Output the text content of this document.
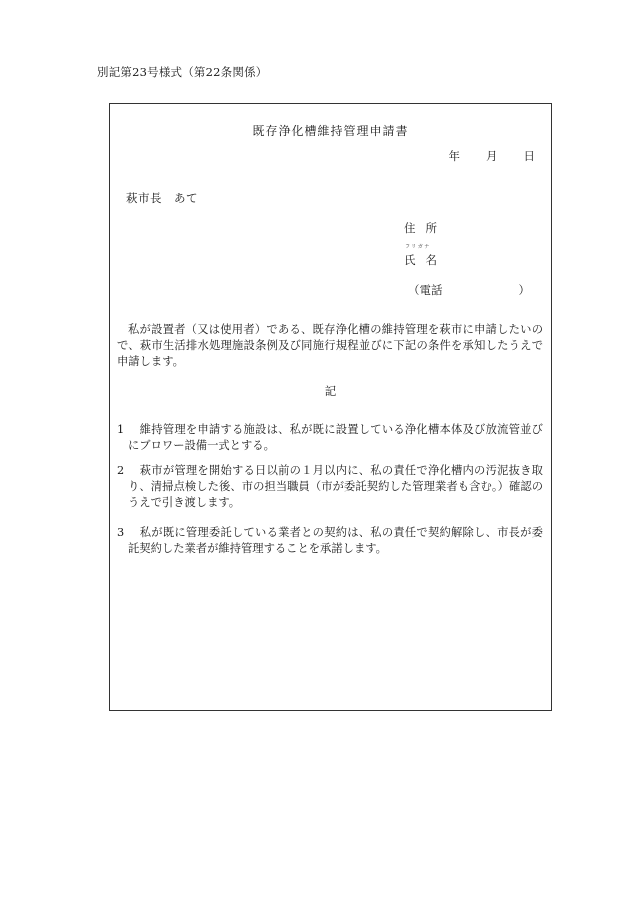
別記第23号様式（第22条関係）
既存浄化槽維持管理申請書
年 月 日
萩市長　あて
住所
フリガナ
氏名
（電話	）
私が設置者（又は使用者）である、既存浄化槽の維持管理を萩市に申請したいので、萩市生活排水処理施設条例及び同施行規程並びに下記の条件を承知したうえで申請します。
記
1　 維持管理を申請する施設は、私が既に設置している浄化槽本体及び放流管並びにブロワー設備一式とする。
2　 萩市が管理を開始する日以前の１月以内に、私の責任で浄化槽内の汚泥抜き取り、清掃点検した後、市の担当職員（市が委託契約した管理業者も含む。）確認のうえで引き渡します。
3　 私が既に管理委託している業者との契約は、私の責任で契約解除し、市長が委託契約した業者が維持管理することを承諾します。
